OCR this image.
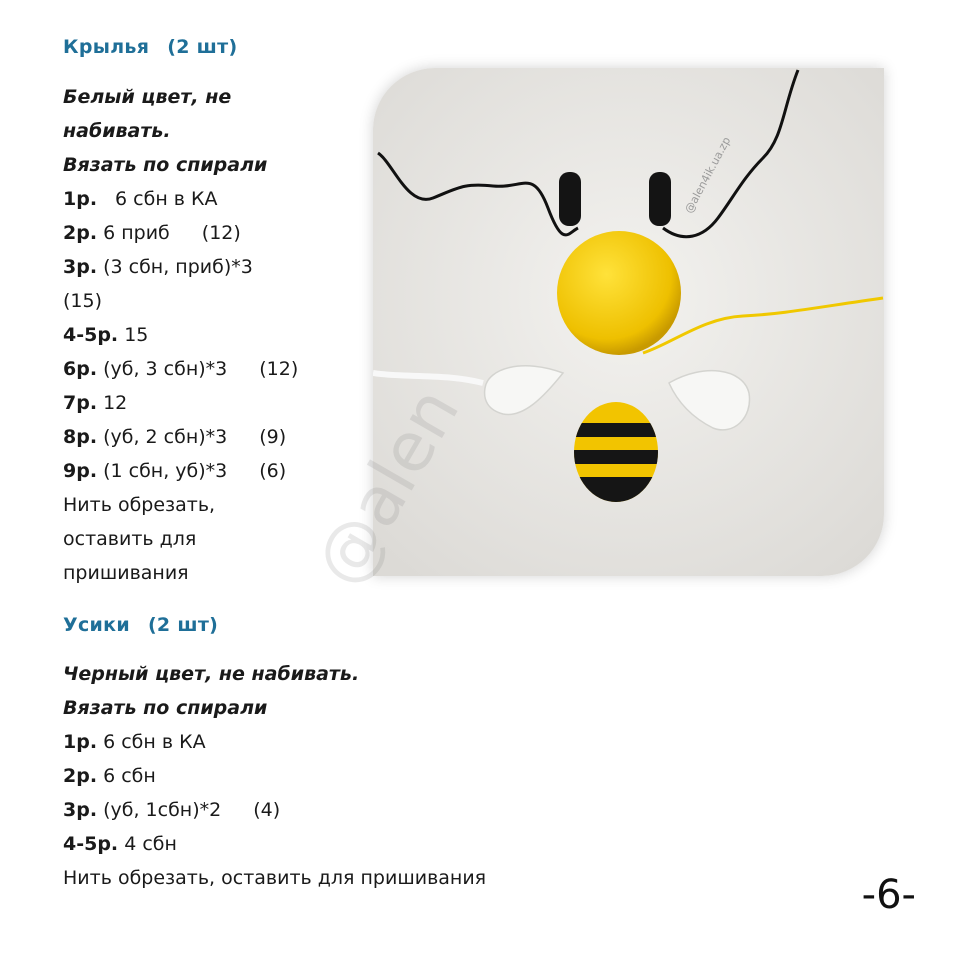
Крылья (2 шт)
Белый цвет, не
набивать.
Вязать по спирали
1р. 6 сбн в КА
2р. 6 приб (12)
3р. (3 сбн, приб)*3
(15)
4-5р. 15
6р. (уб, 3 сбн)*3 (12)
7р. 12
8р. (уб, 2 сбн)*3 (9)
9р. (1 сбн, уб)*3 (6)
Нить обрезать,
оставить для
пришивания
@alen4ik.ua.zp
@alen
Усики (2 шт)
Черный цвет, не набивать.
Вязать по спирали
1р. 6 сбн в КА
2р. 6 сбн
3р. (уб, 1сбн)*2 (4)
4-5р. 4 сбн
Нить обрезать, оставить для пришивания	-6-
